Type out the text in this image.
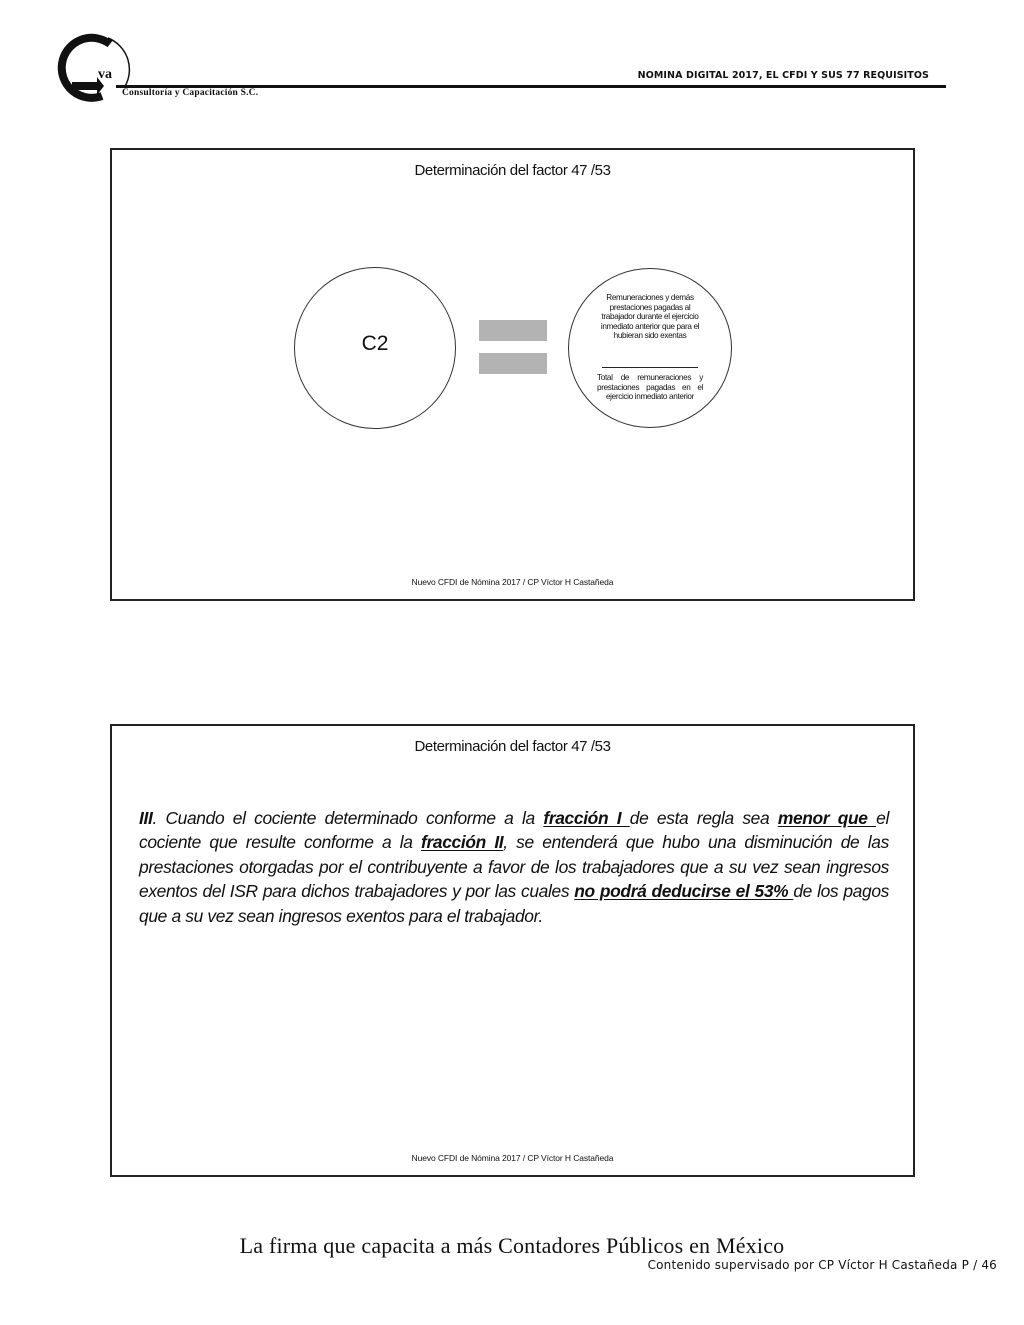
va
Consultoría y Capacitación S.C.
NOMINA DIGITAL 2017, EL CFDI Y SUS 77 REQUISITOS
Determinación del factor 47 /53
C2
Remuneraciones y demás prestaciones pagadas al trabajador durante el ejercicio inmediato anterior que para el hubieran sido exentas
Total de remuneraciones y prestaciones pagadas en el ejercicio inmediato anterior
Nuevo CFDI de Nómina 2017 / CP Víctor H Castañeda
Determinación del factor 47 /53
III. Cuando el cociente determinado conforme a la fracción I de esta regla sea menor que el cociente que resulte conforme a la fracción II, se entenderá que hubo una disminución de las prestaciones otorgadas por el contribuyente a favor de los trabajadores que a su vez sean ingresos exentos del ISR para dichos trabajadores y por las cuales no podrá deducirse el 53% de los pagos que a su vez sean ingresos exentos para el trabajador.
Nuevo CFDI de Nómina 2017 / CP Víctor H Castañeda
La firma que capacita a más Contadores Públicos en México
Contenido supervisado por CP Víctor H Castañeda P / 46
